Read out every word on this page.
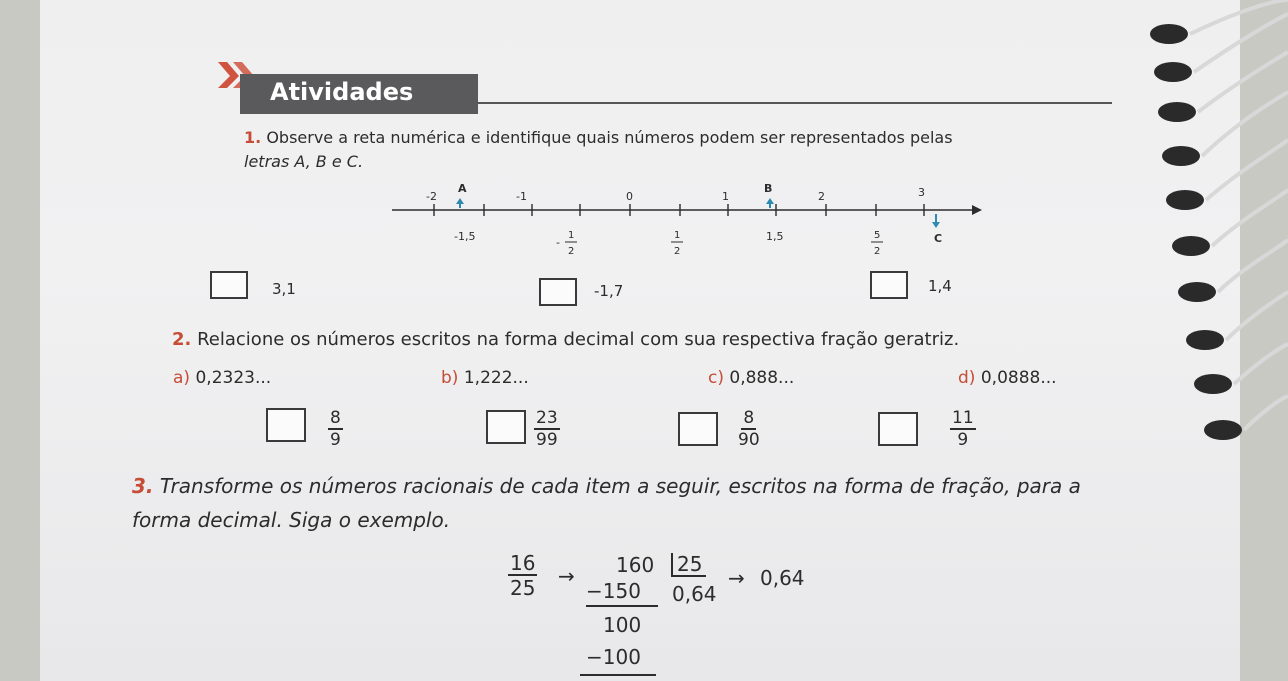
Atividades
1. Observe a reta numérica e identifique quais números podem ser representados pelas
letras A, B e C.
-2
A
-1	0	1
B
2	3
-1,5	-
1
2
1
2
1,5	5
2
C
3,1	-1,7	1,4
2. Relacione os números escritos na forma decimal com sua respectiva fração geratriz.
a) 0,2323...	b) 1,222...	c) 0,888...	d) 0,0888...
$\frac{8}{9}$	$\frac{23}{99}$	$\frac{8}{90}$	$\frac{11}{9}$
3. Transforme os números racionais de cada item a seguir, escritos na forma de fração, para a
forma decimal. Siga o exemplo.
$\frac{16}{25} \to 160$	25
−150 0,64
→ 0,64
100
−100
